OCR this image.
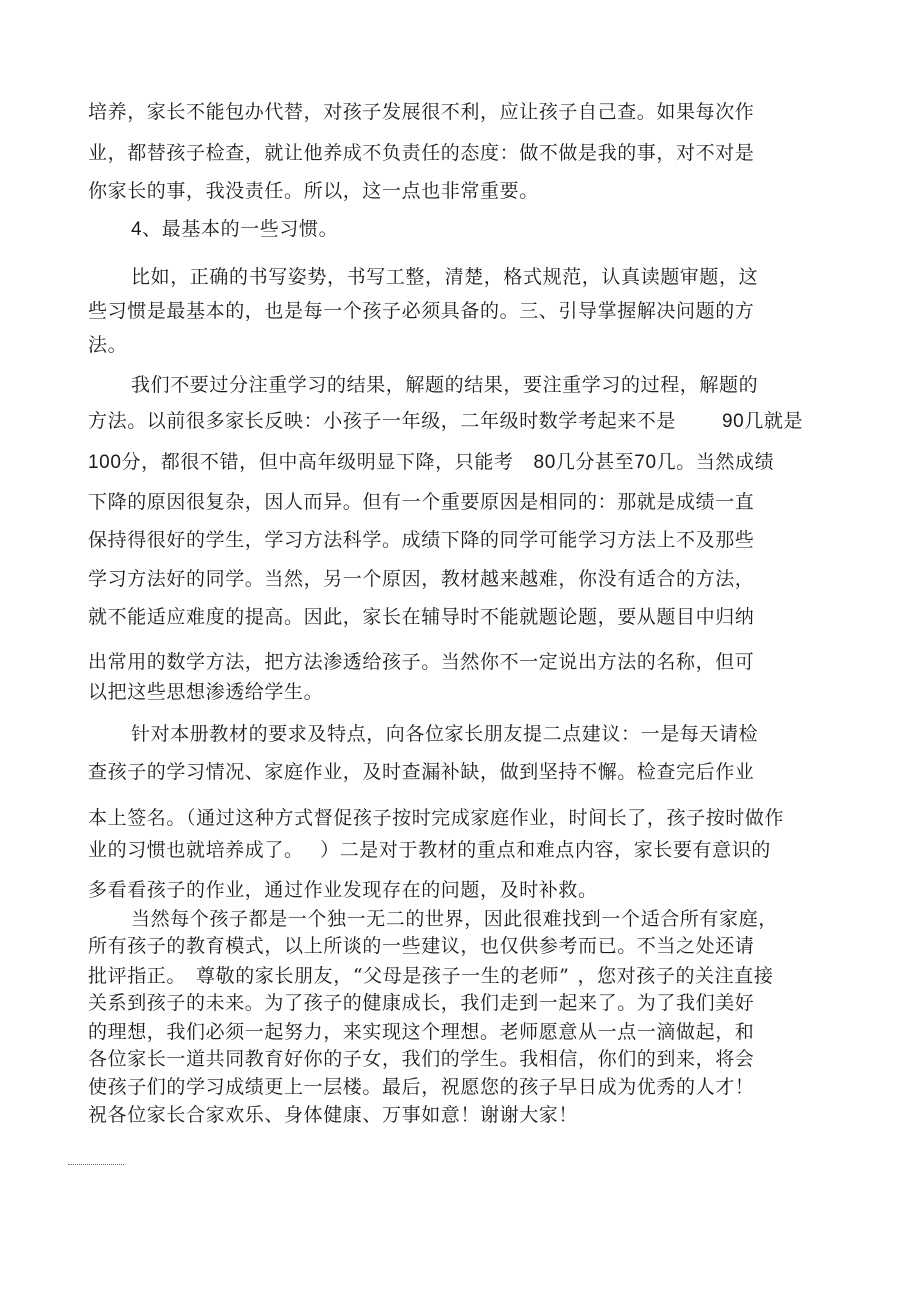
培养，家长不能包办代替，对孩子发展很不利，应让孩子自己查。如果每次作
业，都替孩子检查，就让他养成不负责任的态度：做不做是我的事，对不对是
你家长的事，我没责任。所以，这一点也非常重要。
4、最基本的一些习惯。
比如，正确的书写姿势，书写工整，清楚，格式规范，认真读题审题，这
些习惯是最基本的，也是每一个孩子必须具备的。三、引导掌握解决问题的方
法。
我们不要过分注重学习的结果，解题的结果，要注重学习的过程，解题的
方法。以前很多家长反映：小孩子一年级，二年级时数学考起来不是 90几就是
100分，都很不错，但中高年级明显下降，只能考 80几分甚至70几。当然成绩
下降的原因很复杂，因人而异。但有一个重要原因是相同的：那就是成绩一直
保持得很好的学生，学习方法科学。成绩下降的同学可能学习方法上不及那些
学习方法好的同学。当然，另一个原因，教材越来越难，你没有适合的方法，
就不能适应难度的提高。因此，家长在辅导时不能就题论题，要从题目中归纳
出常用的数学方法，把方法渗透给孩子。当然你不一定说出方法的名称，但可
以把这些思想渗透给学生。
针对本册教材的要求及特点，向各位家长朋友提二点建议：一是每天请检
查孩子的学习情况、家庭作业，及时查漏补缺，做到坚持不懈。检查完后作业
本上签名。（通过这种方式督促孩子按时完成家庭作业，时间长了，孩子按时做作
业的习惯也就培养成了。 ）二是对于教材的重点和难点内容，家长要有意识的
多看看孩子的作业，通过作业发现存在的问题，及时补救。
当然每个孩子都是一个独一无二的世界，因此很难找到一个适合所有家庭，
所有孩子的教育模式，以上所谈的一些建议，也仅供参考而已。不当之处还请
批评指正。 尊敬的家长朋友，“父母是孩子一生的老师” ，您对孩子的关注直接
关系到孩子的未来。为了孩子的健康成长，我们走到一起来了。为了我们美好
的理想，我们必须一起努力，来实现这个理想。老师愿意从一点一滴做起，和
各位家长一道共同教育好你的子女，我们的学生。我相信，你们的到来，将会
使孩子们的学习成绩更上一层楼。最后，祝愿您的孩子早日成为优秀的人才！
祝各位家长合家欢乐、身体健康、万事如意！谢谢大家！
